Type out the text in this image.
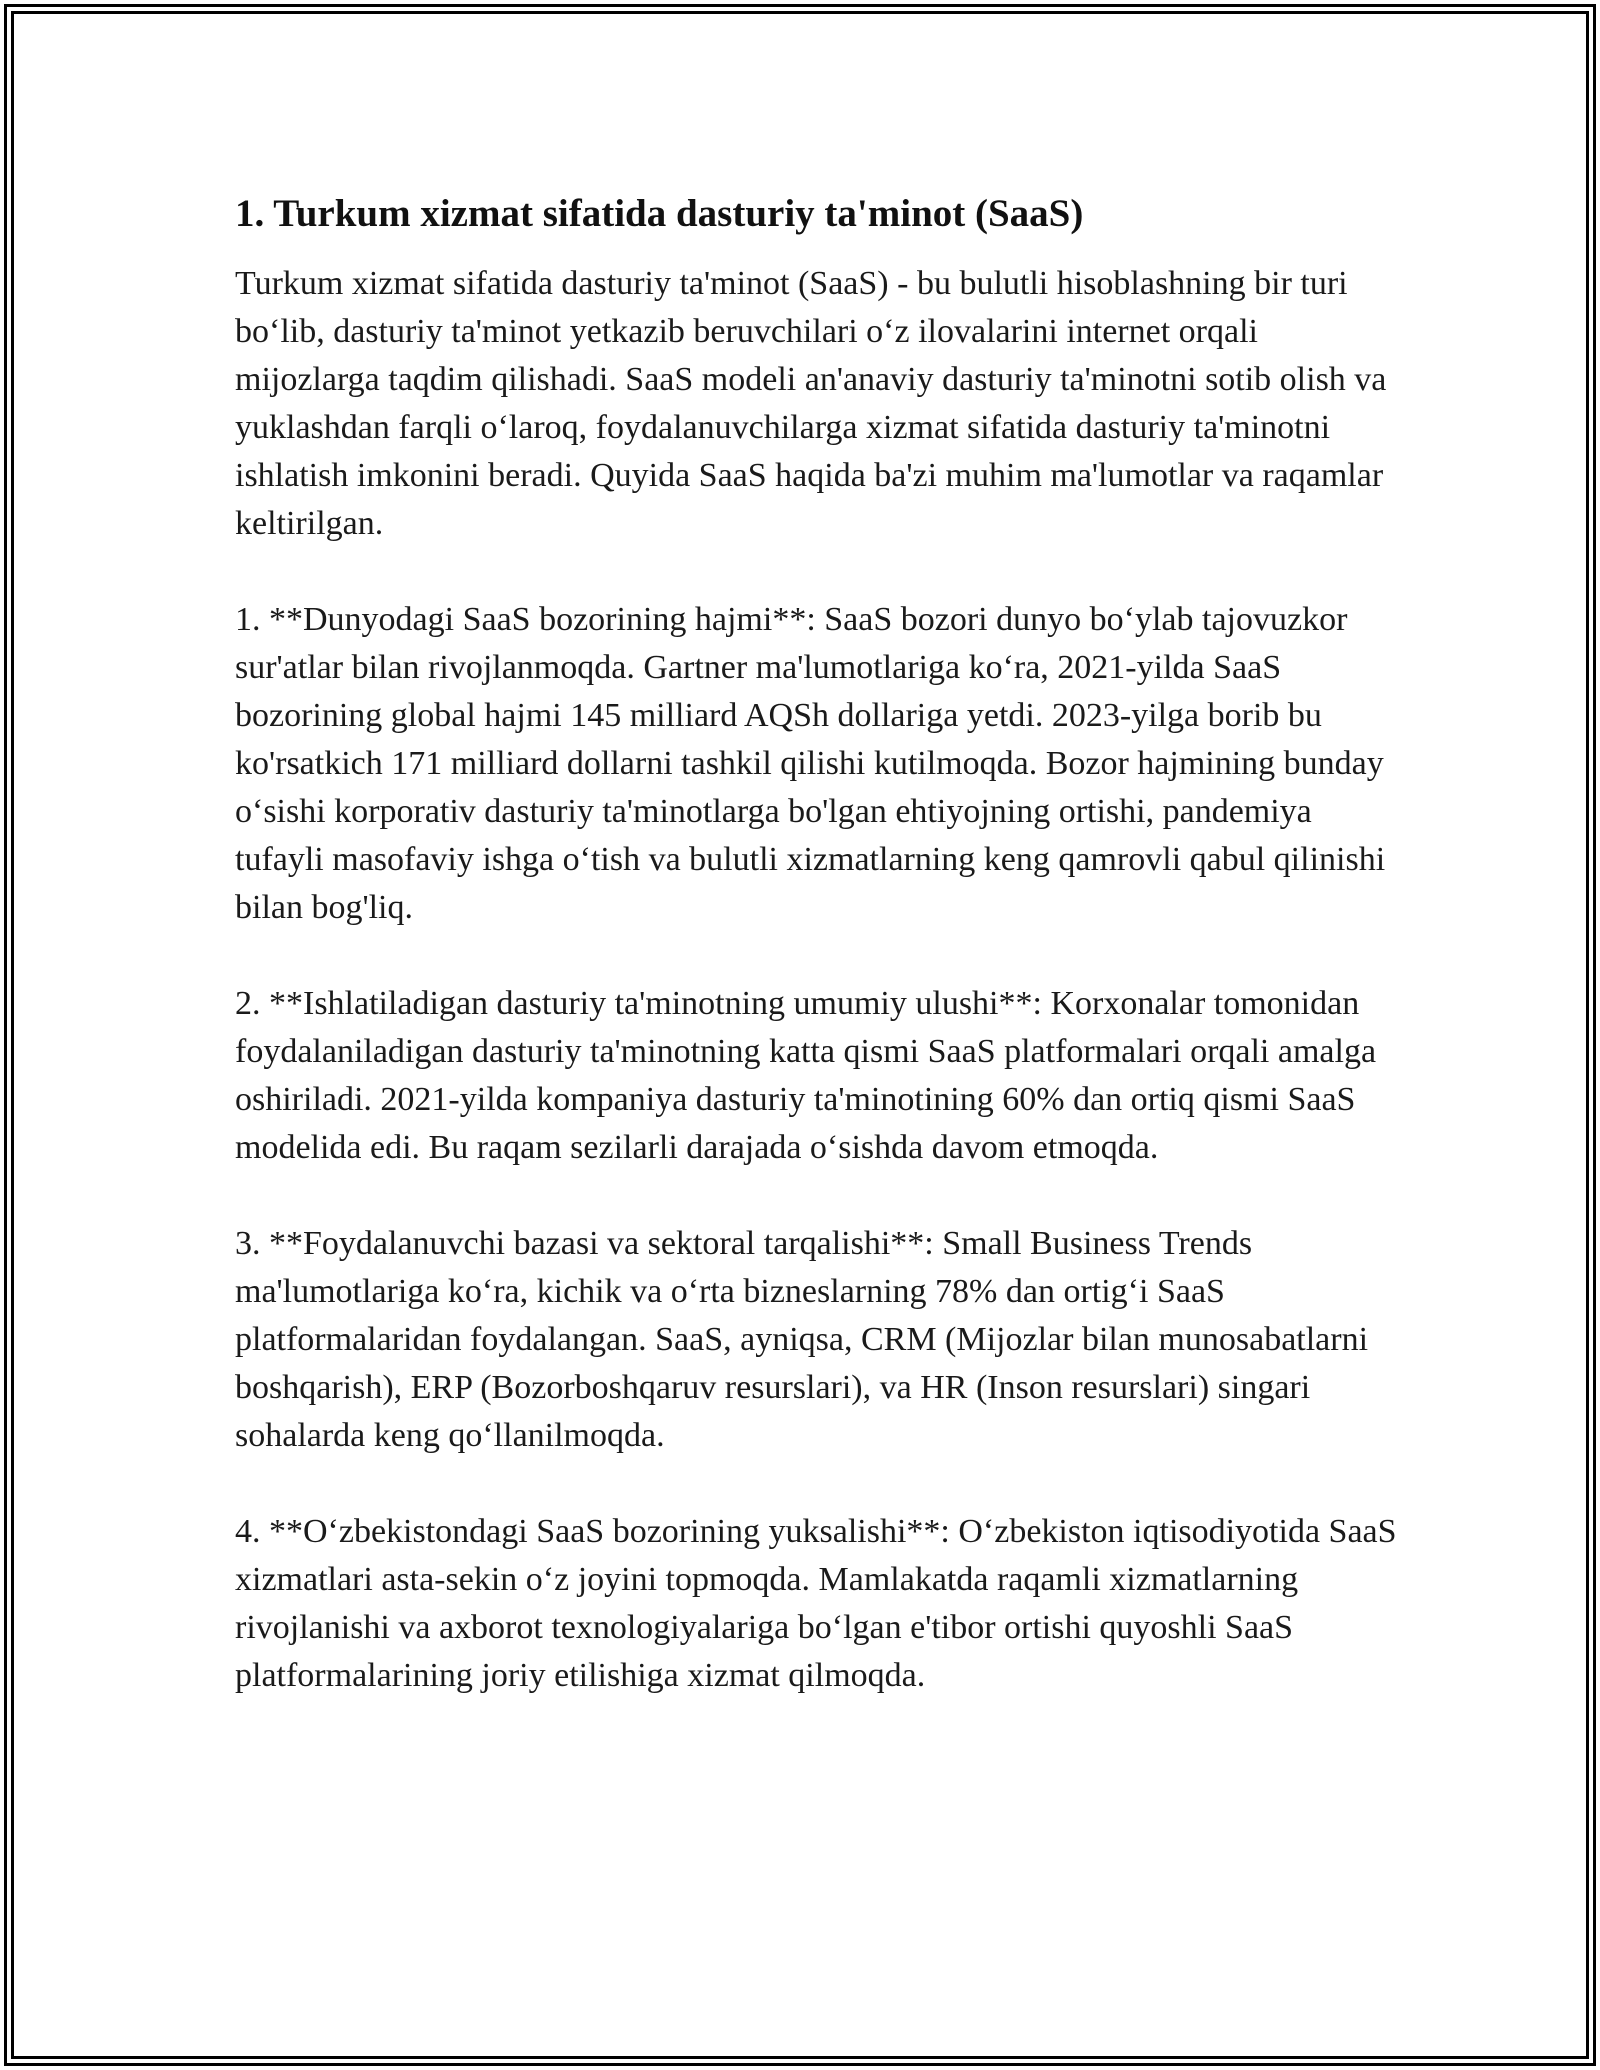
1. Turkum xizmat sifatida dasturiy ta'minot (SaaS)

Turkum xizmat sifatida dasturiy ta'minot (SaaS) - bu bulutli hisoblashning bir turi bo‘lib, dasturiy ta'minot yetkazib beruvchilari o‘z ilovalarini internet orqali mijozlarga taqdim qilishadi. SaaS modeli an'anaviy dasturiy ta'minotni sotib olish va yuklashdan farqli o‘laroq, foydalanuvchilarga xizmat sifatida dasturiy ta'minotni ishlatish imkonini beradi. Quyida SaaS haqida ba'zi muhim ma'lumotlar va raqamlar keltirilgan.

1. **Dunyodagi SaaS bozorining hajmi**: SaaS bozori dunyo bo‘ylab tajovuzkor sur'atlar bilan rivojlanmoqda. Gartner ma'lumotlariga ko‘ra, 2021-yilda SaaS bozorining global hajmi 145 milliard AQSh dollariga yetdi. 2023-yilga borib bu ko'rsatkich 171 milliard dollarni tashkil qilishi kutilmoqda. Bozor hajmining bunday o‘sishi korporativ dasturiy ta'minotlarga bo'lgan ehtiyojning ortishi, pandemiya tufayli masofaviy ishga o‘tish va bulutli xizmatlarning keng qamrovli qabul qilinishi bilan bog'liq.

2. **Ishlatiladigan dasturiy ta'minotning umumiy ulushi**: Korxonalar tomonidan foydalaniladigan dasturiy ta'minotning katta qismi SaaS platformalari orqali amalga oshiriladi. 2021-yilda kompaniya dasturiy ta'minotining 60% dan ortiq qismi SaaS modelida edi. Bu raqam sezilarli darajada o‘sishda davom etmoqda.

3. **Foydalanuvchi bazasi va sektoral tarqalishi**: Small Business Trends ma'lumotlariga ko‘ra, kichik va o‘rta bizneslarning 78% dan ortig‘i SaaS platformalaridan foydalangan. SaaS, ayniqsa, CRM (Mijozlar bilan munosabatlarni boshqarish), ERP (Bozorboshqaruv resurslari), va HR (Inson resurslari) singari sohalarda keng qo‘llanilmoqda.

4. **O‘zbekistondagi SaaS bozorining yuksalishi**: O‘zbekiston iqtisodiyotida SaaS xizmatlari asta-sekin o‘z joyini topmoqda. Mamlakatda raqamli xizmatlarning rivojlanishi va axborot texnologiyalariga bo‘lgan e'tibor ortishi quyoshli SaaS platformalarining joriy etilishiga xizmat qilmoqda.
